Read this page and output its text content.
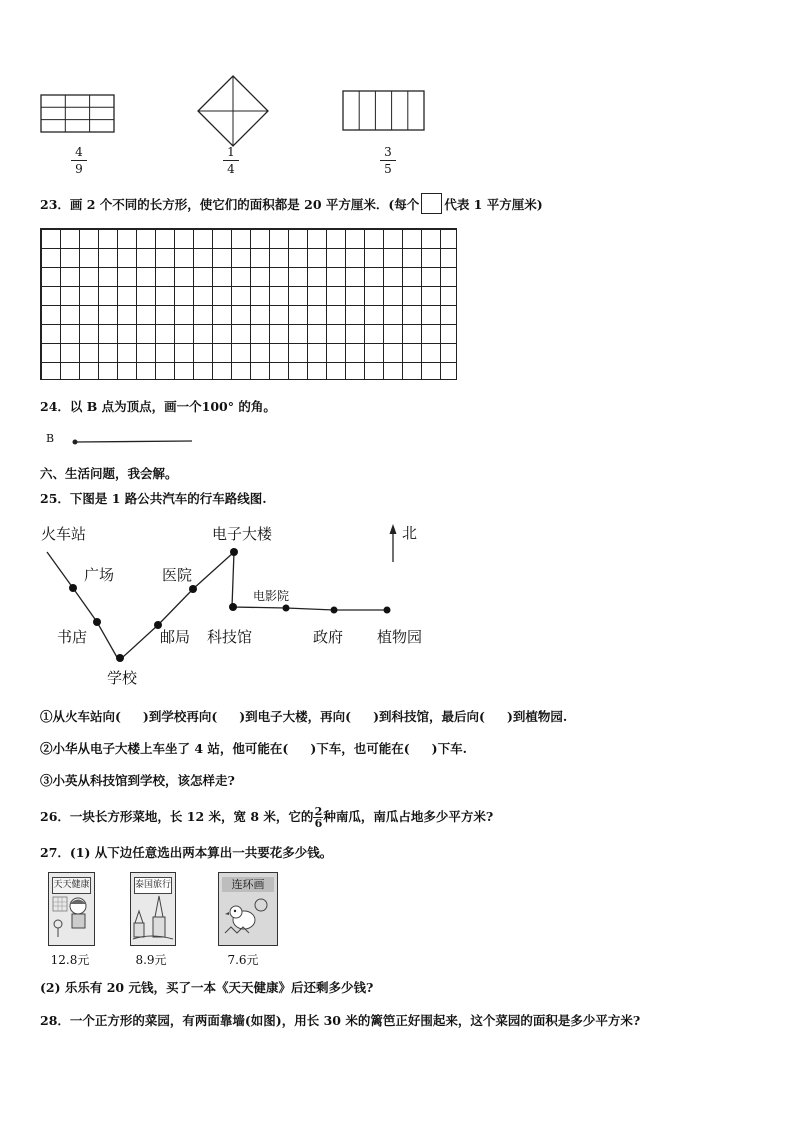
4
9
1
4
3
5
23．画 2 个不同的长方形，使它们的面积都是 20 平方厘米．(每个 代表 1 平方厘米)
24．以 B 点为顶点，画一个100° 的角。
B
六、生活问题，我会解。
25．下图是 1 路公共汽车的行车路线图.
火车站
广场
书店
学校
邮局
医院
电子大楼
科技馆
电影院
政府 植物园
北
①从火车站向( )到学校再向( )到电子大楼，再向( )到科技馆，最后向( )到植物园.
②小华从电子大楼上车坐了 4 站，他可能在( )下车，也可能在( )下车.
③小英从科技馆到学校，该怎样走?
26．一块长方形菜地，长 12 米，宽 8 米，它的 $\frac{2}{6}$ 种南瓜，南瓜占地多少平方米?
27．(1) 从下边任意选出两本算出一共要花多少钱。
天天健康
12.8元
泰国旅行
8.9元
连环画
7.6元
(2) 乐乐有 20 元钱，买了一本《天天健康》后还剩多少钱?
28．一个正方形的菜园，有两面靠墙(如图)，用长 30 米的篱笆正好围起来，这个菜园的面积是多少平方米?
